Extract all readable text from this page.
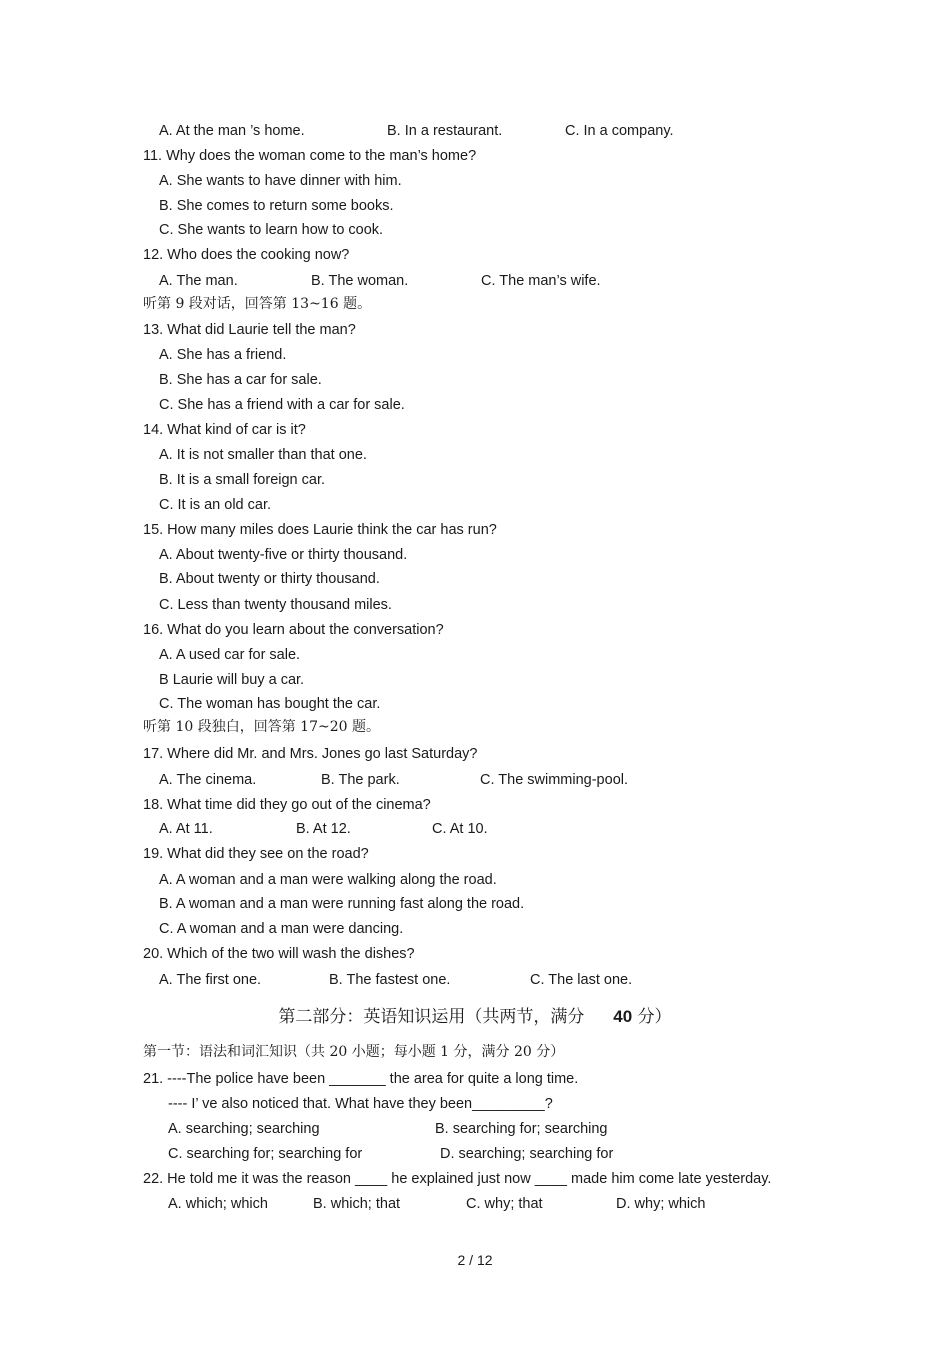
A. At the man ’s home.	B. In a restaurant.	C. In a company.
11. Why does the woman come to the man’s home?
A. She wants to have dinner with him.
B. She comes to return some books.
C. She wants to learn how to cook.
12. Who does the cooking now?
A. The man.	B. The woman.	C. The man’s wife.
听第 9 段对话，回答第 13~16 题。
13. What did Laurie tell the man?
A. She has a friend.
B. She has a car for sale.
C. She has a friend with a car for sale.
14. What kind of car is it?
A. It is not smaller than that one.
B. It is a small foreign car.
C. It is an old car.
15. How many miles does Laurie think the car has run?
A. About twenty-five or thirty thousand.
B. About twenty or thirty thousand.
C. Less than twenty thousand miles.
16. What do you learn about the conversation?
A. A used car for sale.
B Laurie will buy a car.
C. The woman has bought the car.
听第 10 段独白，回答第 17~20 题。
17. Where did Mr. and Mrs. Jones go last Saturday?
A. The cinema.	B. The park.	C. The swimming-pool.
18. What time did they go out of the cinema?
A. At 11.	B. At 12.	C. At 10.
19. What did they see on the road?
A. A woman and a man were walking along the road.
B. A woman and a man were running fast along the road.
C. A woman and a man were dancing.
20. Which of the two will wash the dishes?
A. The first one.	B. The fastest one.	C. The last one.
第二部分：英语知识运用（共两节，满分 40 分）
第一节：语法和词汇知识（共 20 小题；每小题 1 分，满分 20 分）
21. ----The police have been _______ the area for quite a long time.
---- I’ ve also noticed that. What have they been_________?
A. searching; searching	B. searching for; searching
C. searching for; searching for	D. searching; searching for
22. He told me it was the reason ____ he explained just now ____ made him come late yesterday.
A. which; which	B. which; that	C. why; that	D. why; which
2 / 12
